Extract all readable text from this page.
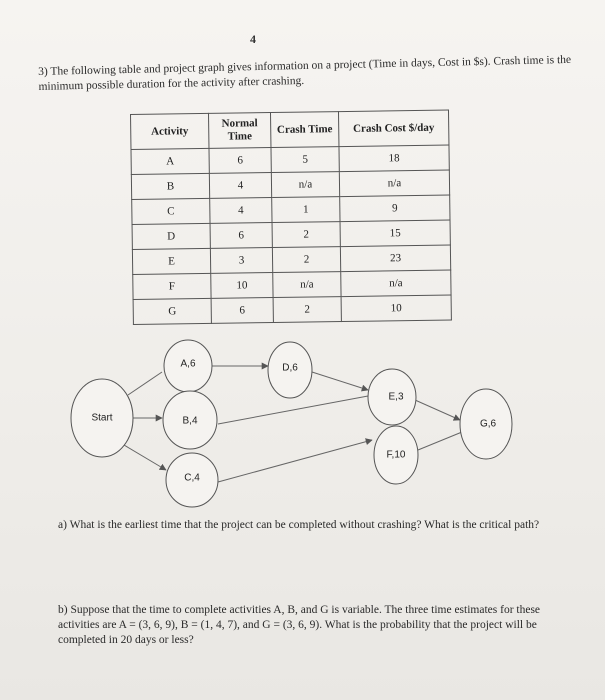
4
3) The following table and project graph gives information on a project (Time in days, Cost in $s). Crash time is the minimum possible duration for the activity after crashing.
Activity	Normal Time	Crash Time	Crash Cost $/day
A	6	5	18
B	4	n/a	n/a
C	4	1	9
D	6	2	15
E	3	2	23
F	10	n/a	n/a
G	6	2	10
Start
A,6
B,4
C,4
D,6
E,3
F,10
G,6
a) What is the earliest time that the project can be completed without crashing? What is the critical path?
b) Suppose that the time to complete activities A, B, and G is variable. The three time estimates for these activities are A = (3, 6, 9), B = (1, 4, 7), and G = (3, 6, 9). What is the probability that the project will be completed in 20 days or less?
